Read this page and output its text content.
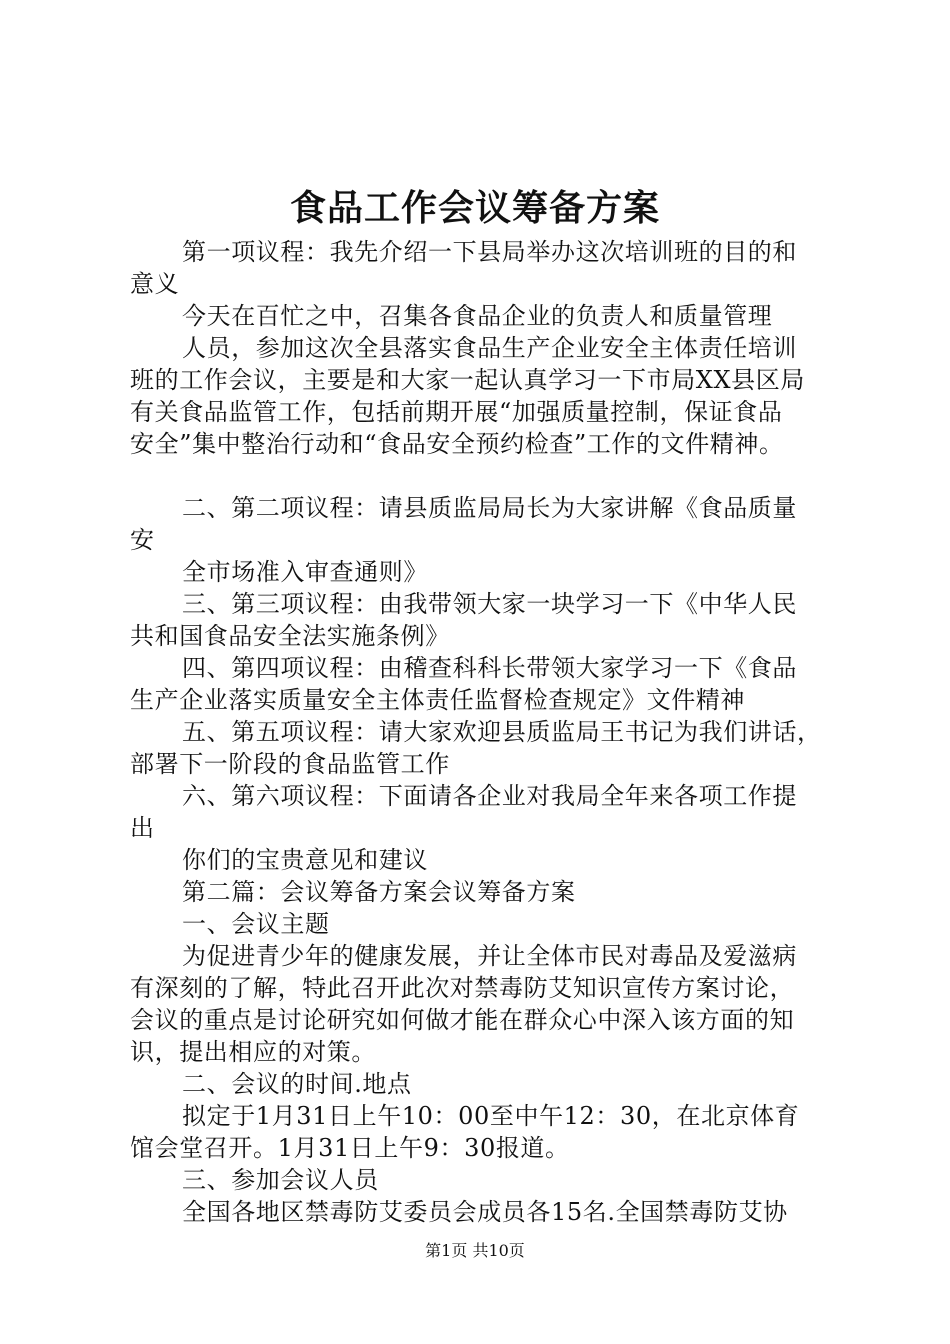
食品工作会议筹备方案
第一项议程：我先介绍一下县局举办这次培训班的目的和
意义
今天在百忙之中，召集各食品企业的负责人和质量管理
人员，参加这次全县落实食品生产企业安全主体责任培训
班的工作会议，主要是和大家一起认真学习一下市局XX县区局
有关食品监管工作，包括前期开展“加强质量控制，保证食品
安全”集中整治行动和“食品安全预约检查”工作的文件精神。
二、第二项议程：请县质监局局长为大家讲解《食品质量
安
全市场准入审查通则》
三、第三项议程：由我带领大家一块学习一下《中华人民
共和国食品安全法实施条例》
四、第四项议程：由稽查科科长带领大家学习一下《食品
生产企业落实质量安全主体责任监督检查规定》文件精神
五、第五项议程：请大家欢迎县质监局王书记为我们讲话，
部署下一阶段的食品监管工作
六、第六项议程：下面请各企业对我局全年来各项工作提
出
你们的宝贵意见和建议
第二篇：会议筹备方案会议筹备方案
一、会议主题
为促进青少年的健康发展，并让全体市民对毒品及爱滋病
有深刻的了解，特此召开此次对禁毒防艾知识宣传方案讨论，
会议的重点是讨论研究如何做才能在群众心中深入该方面的知
识，提出相应的对策。
二、会议的时间.地点
拟定于1月31日上午10：00至中午12：30，在北京体育
馆会堂召开。1月31日上午9：30报道。
三、参加会议人员
全国各地区禁毒防艾委员会成员各15名.全国禁毒防艾协
第1页 共10页
